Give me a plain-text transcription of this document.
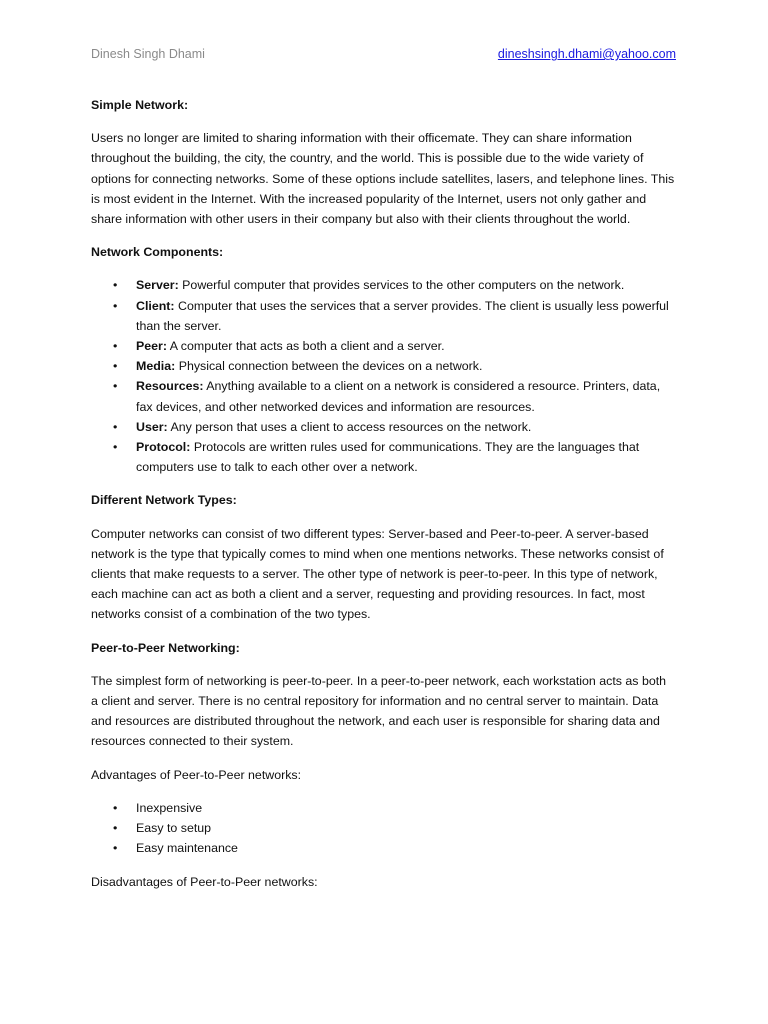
Dinesh Singh Dhami	dineshsingh.dhami@yahoo.com
Simple Network:

Users no longer are limited to sharing information with their officemate. They can share information throughout the building, the city, the country, and the world. This is possible due to the wide variety of options for connecting networks. Some of these options include satellites, lasers, and telephone lines. This is most evident in the Internet. With the increased popularity of the Internet, users not only gather and share information with other users in their company but also with their clients throughout the world.

Network Components:
• Server: Powerful computer that provides services to the other computers on the network.
• Client: Computer that uses the services that a server provides. The client is usually less powerful than the server.
• Peer: A computer that acts as both a client and a server.
• Media: Physical connection between the devices on a network.
• Resources: Anything available to a client on a network is considered a resource. Printers, data, fax devices, and other networked devices and information are resources.
• User: Any person that uses a client to access resources on the network.
• Protocol: Protocols are written rules used for communications. They are the languages that computers use to talk to each other over a network.
Different Network Types:

Computer networks can consist of two different types: Server-based and Peer-to-peer. A server-based network is the type that typically comes to mind when one mentions networks. These networks consist of clients that make requests to a server. The other type of network is peer-to-peer. In this type of network, each machine can act as both a client and a server, requesting and providing resources. In fact, most networks consist of a combination of the two types.

Peer-to-Peer Networking:

The simplest form of networking is peer-to-peer. In a peer-to-peer network, each workstation acts as both a client and server. There is no central repository for information and no central server to maintain. Data and resources are distributed throughout the network, and each user is responsible for sharing data and resources connected to their system.

Advantages of Peer-to-Peer networks:
• Inexpensive
• Easy to setup
• Easy maintenance
Disadvantages of Peer-to-Peer networks:
